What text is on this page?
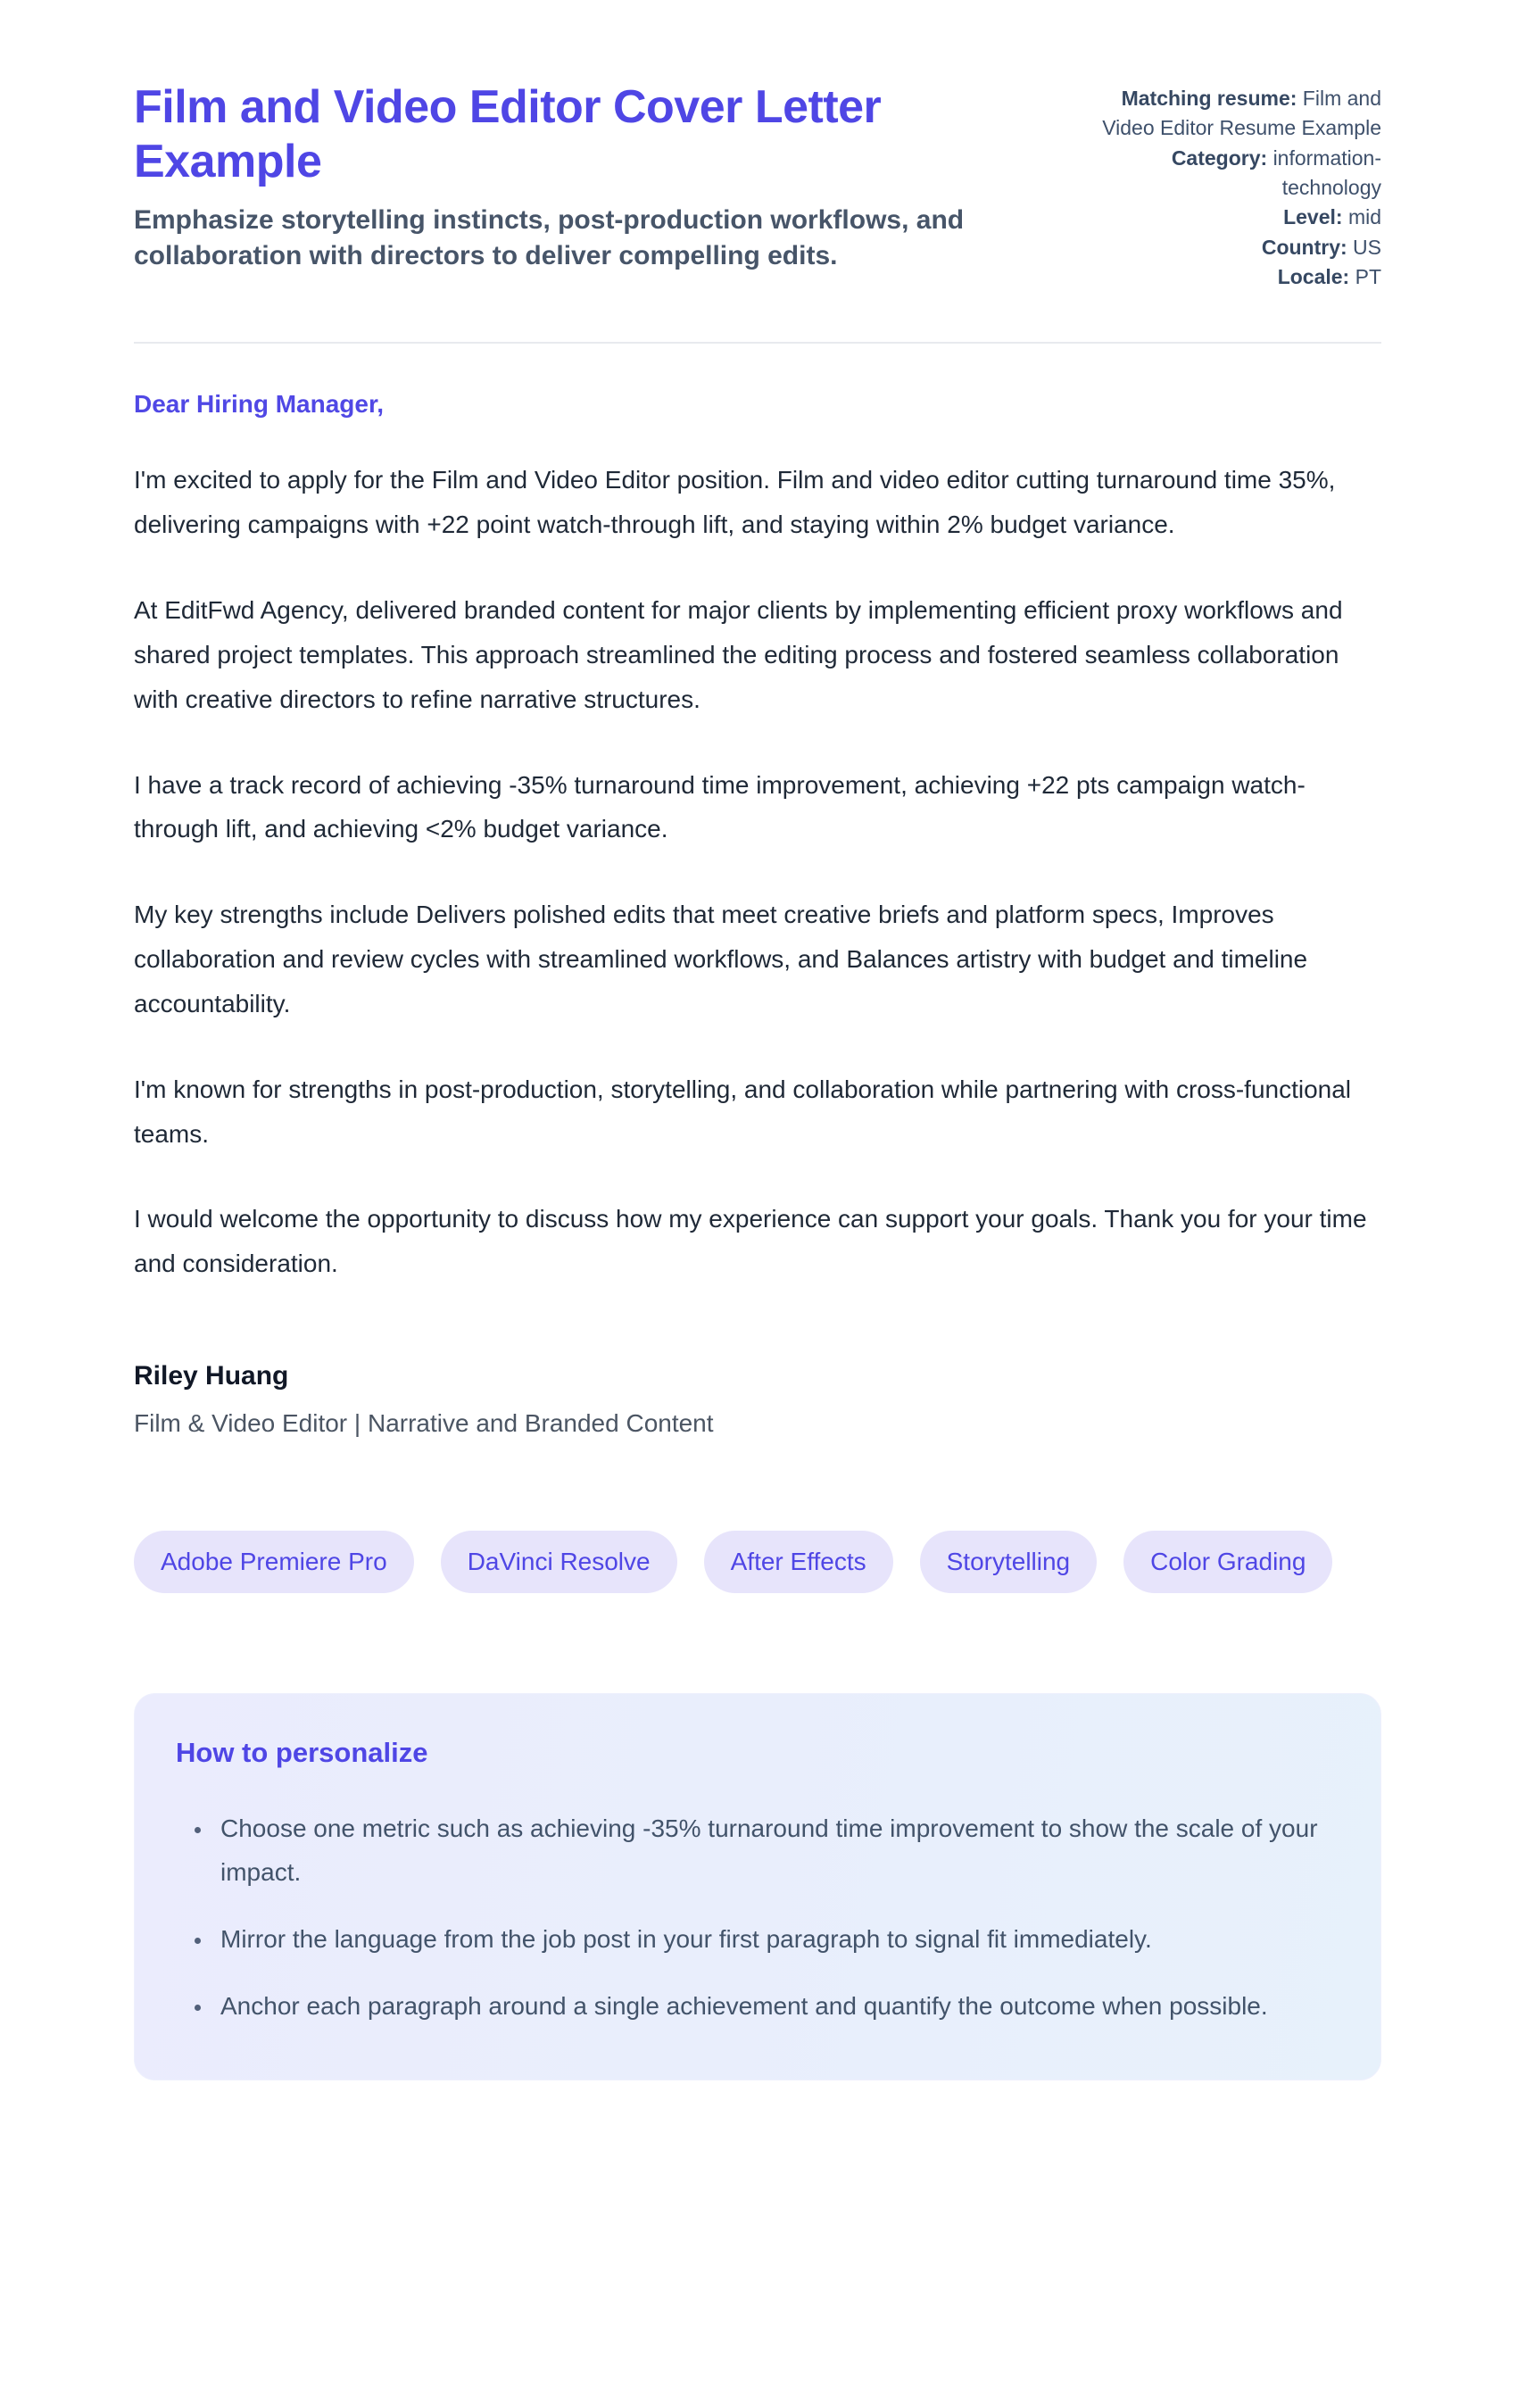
Film and Video Editor Cover Letter Example
Emphasize storytelling instincts, post-production workflows, and collaboration with directors to deliver compelling edits.
Matching resume: Film and Video Editor Resume Example
Category: information-technology
Level: mid
Country: US
Locale: PT
Dear Hiring Manager,

I'm excited to apply for the Film and Video Editor position. Film and video editor cutting turnaround time 35%, delivering campaigns with +22 point watch-through lift, and staying within 2% budget variance.

At EditFwd Agency, delivered branded content for major clients by implementing efficient proxy workflows and shared project templates. This approach streamlined the editing process and fostered seamless collaboration with creative directors to refine narrative structures.

I have a track record of achieving -35% turnaround time improvement, achieving +22 pts campaign watch-through lift, and achieving <2% budget variance.

My key strengths include Delivers polished edits that meet creative briefs and platform specs, Improves collaboration and review cycles with streamlined workflows, and Balances artistry with budget and timeline accountability.

I'm known for strengths in post-production, storytelling, and collaboration while partnering with cross-functional teams.

I would welcome the opportunity to discuss how my experience can support your goals. Thank you for your time and consideration.

Riley Huang
Film & Video Editor | Narrative and Branded Content
Adobe Premiere Pro	DaVinci Resolve	After Effects	Storytelling	Color Grading
How to personalize
• Choose one metric such as achieving -35% turnaround time improvement to show the scale of your impact.
• Mirror the language from the job post in your first paragraph to signal fit immediately.
• Anchor each paragraph around a single achievement and quantify the outcome when possible.
